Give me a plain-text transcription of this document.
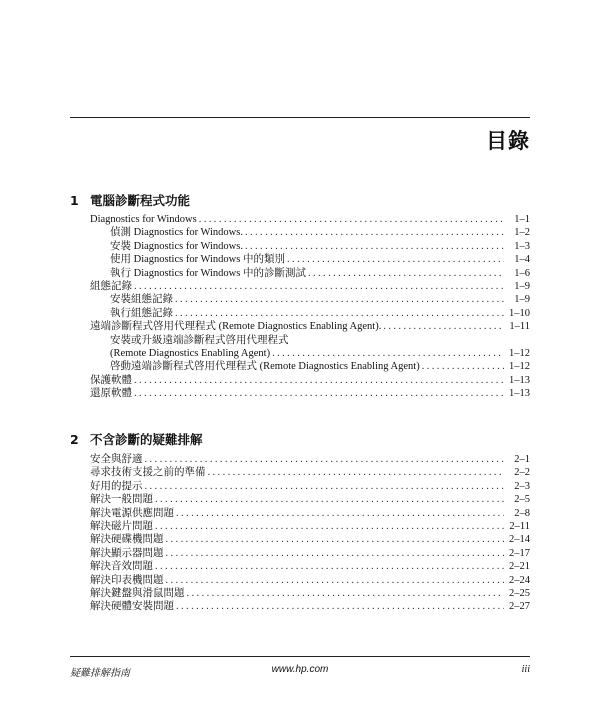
目錄
1 電腦診斷程式功能
Diagnostics for Windows .....	1–1
偵測 Diagnostics for Windows. .....	1–2
安裝 Diagnostics for Windows. .....	1–3
使用 Diagnostics for Windows 中的類別 .....	1–4
執行 Diagnostics for Windows 中的診斷測試 .....	1–6
組態記錄 .....	1–9
安裝組態記錄 .....	1–9
執行組態記錄 .....	1–10
遠端診斷程式啓用代理程式 (Remote Diagnostics Enabling Agent). .....	1–11
安裝或升級遠端診斷程式啓用代理程式
(Remote Diagnostics Enabling Agent) .....	1–12
啓動遠端診斷程式啓用代理程式 (Remote Diagnostics Enabling Agent) .....	1–12
保護軟體 .....	1–13
還原軟體 .....	1–13
2 不含診斷的疑難排解
安全與舒適 .....	2–1
尋求技術支援之前的準備 .....	2–2
好用的提示 .....	2–3
解決一般問題 .....	2–5
解決電源供應問題 .....	2–8
解決磁片問題 .....	2–11
解決硬碟機問題 .....	2–14
解決顯示器問題 .....	2–17
解決音效問題 .....	2–21
解決印表機問題 .....	2–24
解決鍵盤與滑鼠問題 .....	2–25
解決硬體安裝問題 .....	2–27
疑難排解指南	www.hp.com	iii
